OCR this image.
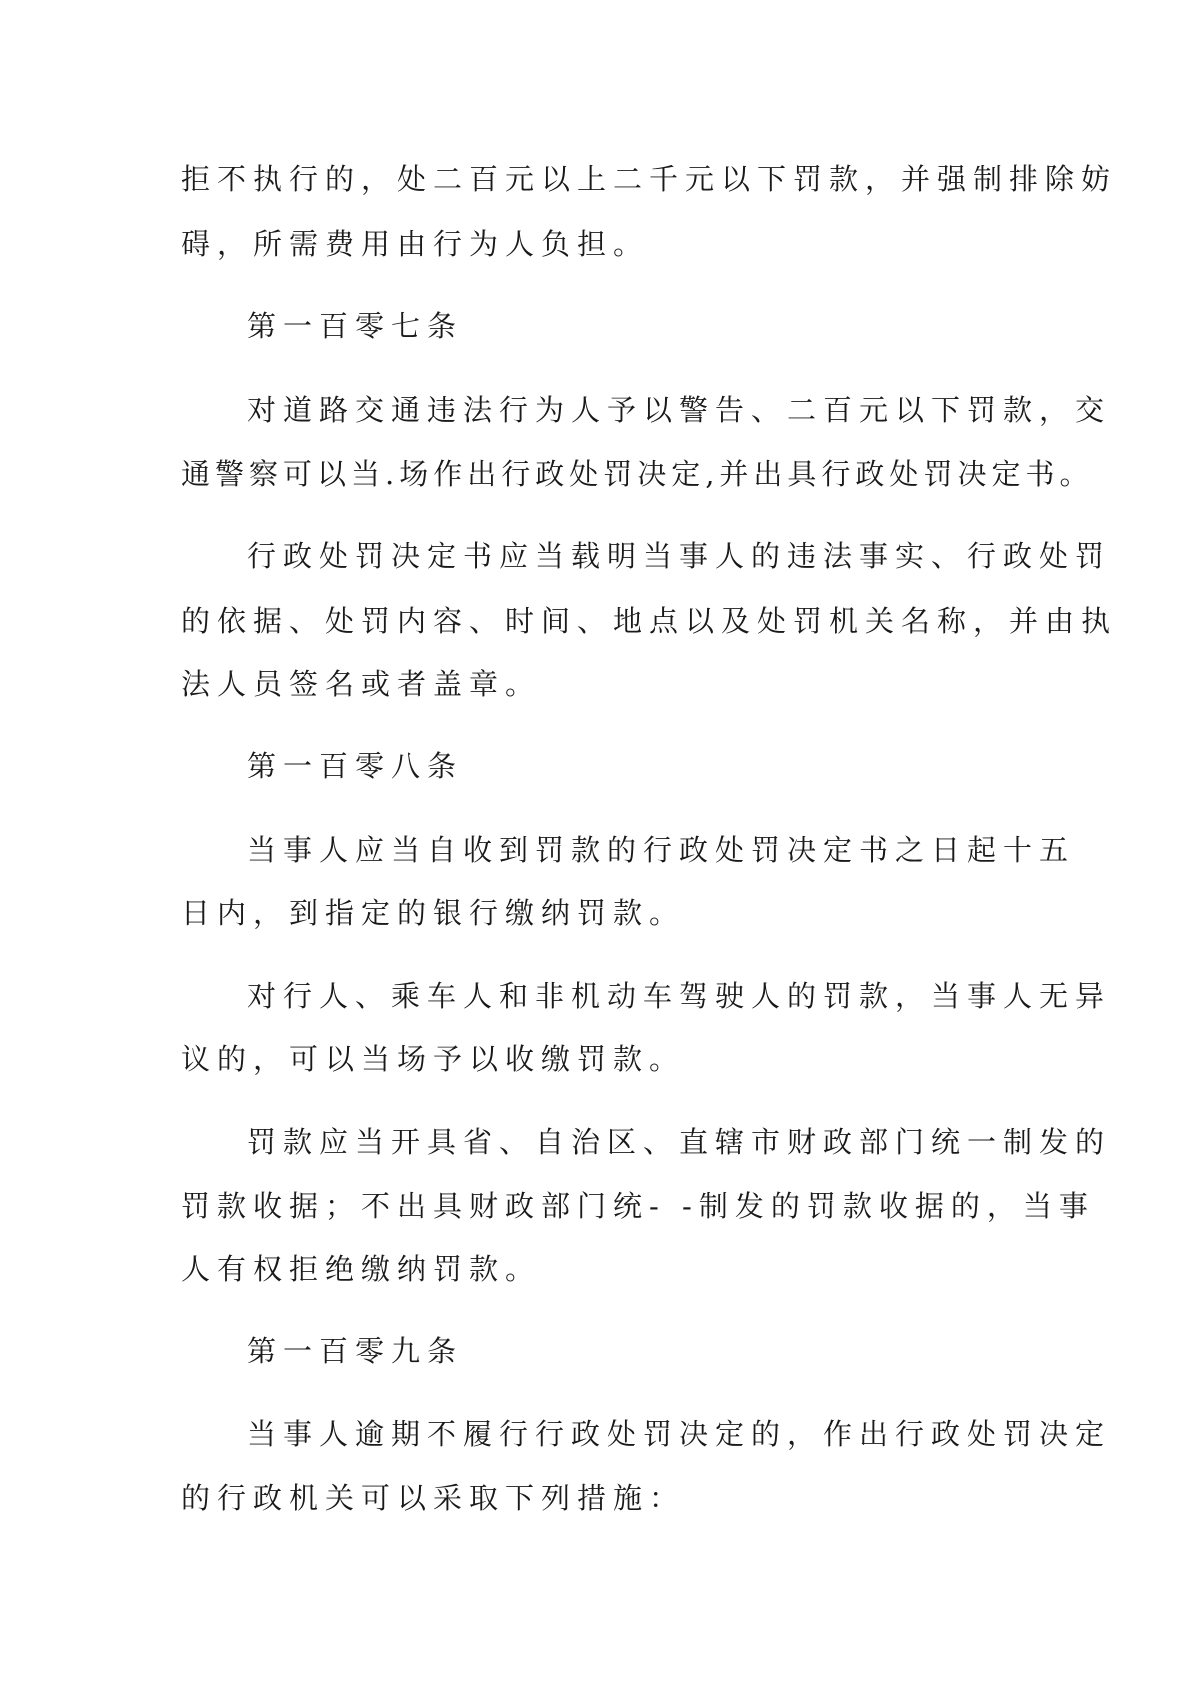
拒不执行的，处二百元以上二千元以下罚款，并强制排除妨
碍，所需费用由行为人负担。
第一百零七条
对道路交通违法行为人予以警告、二百元以下罚款，交
通警察可以当.场作出行政处罚决定,并出具行政处罚决定书。
行政处罚决定书应当载明当事人的违法事实、行政处罚
的依据、处罚内容、时间、地点以及处罚机关名称，并由执
法人员签名或者盖章。
第一百零八条
当事人应当自收到罚款的行政处罚决定书之日起十五
日内，到指定的银行缴纳罚款。
对行人、乘车人和非机动车驾驶人的罚款，当事人无异
议的，可以当场予以收缴罚款。
罚款应当开具省、自治区、直辖市财政部门统一制发的
罚款收据；不出具财政部门统- -制发的罚款收据的，当事
人有权拒绝缴纳罚款。
第一百零九条
当事人逾期不履行行政处罚决定的，作出行政处罚决定
的行政机关可以采取下列措施：
